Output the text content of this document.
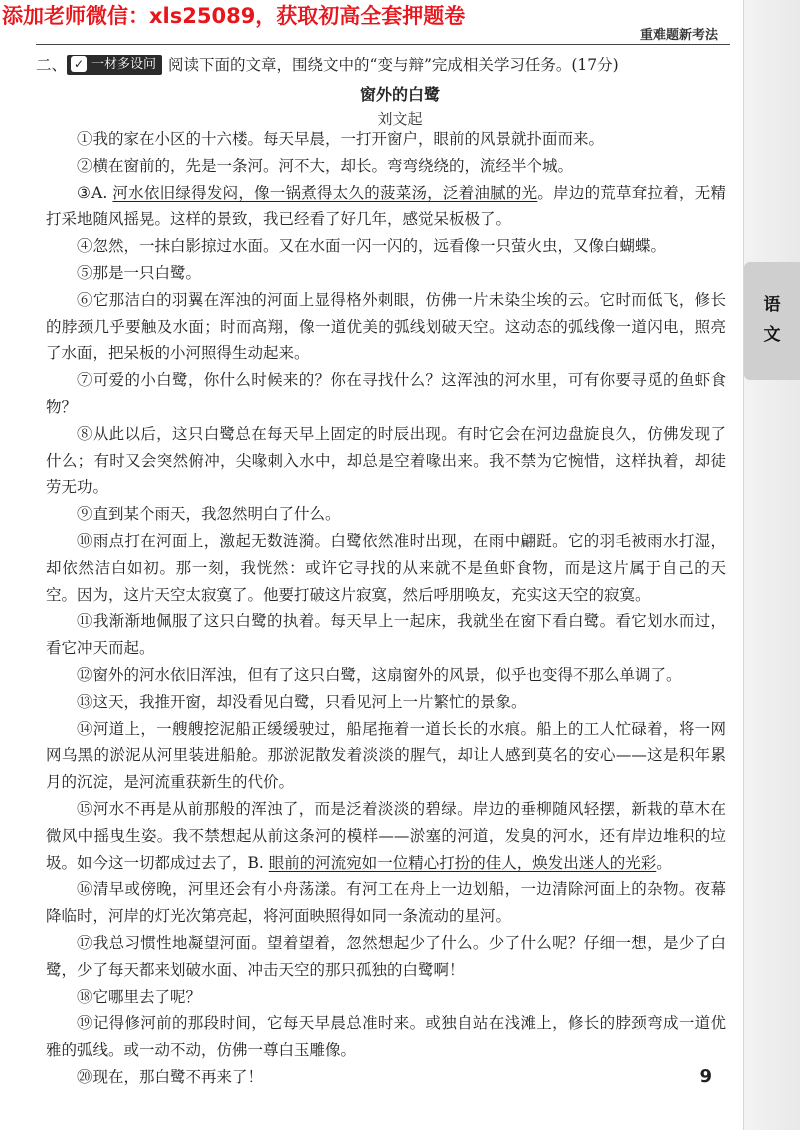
添加老师微信：xls25089，获取初高全套押题卷
重难题新考法
二、 ✓ 一材多设问 阅读下面的文章，围绕文中的“变与辩”完成相关学习任务。(17分)
窗外的白鹭
刘文起

①我的家在小区的十六楼。每天早晨，一打开窗户，眼前的风景就扑面而来。

②横在窗前的，先是一条河。河不大，却长。弯弯绕绕的，流经半个城。

③A. 河水依旧绿得发闷，像一锅煮得太久的菠菜汤，泛着油腻的光。岸边的荒草耷拉着，无精打采地随风摇晃。这样的景致，我已经看了好几年，感觉呆板极了。

④忽然，一抹白影掠过水面。又在水面一闪一闪的，远看像一只萤火虫，又像白蝴蝶。

⑤那是一只白鹭。

⑥它那洁白的羽翼在浑浊的河面上显得格外刺眼，仿佛一片未染尘埃的云。它时而低飞，修长的脖颈几乎要触及水面；时而高翔，像一道优美的弧线划破天空。这动态的弧线像一道闪电，照亮了水面，把呆板的小河照得生动起来。

⑦可爱的小白鹭，你什么时候来的？你在寻找什么？这浑浊的河水里，可有你要寻觅的鱼虾食物？

⑧从此以后，这只白鹭总在每天早上固定的时辰出现。有时它会在河边盘旋良久，仿佛发现了什么；有时又会突然俯冲，尖喙刺入水中，却总是空着喙出来。我不禁为它惋惜，这样执着，却徒劳无功。

⑨直到某个雨天，我忽然明白了什么。

⑩雨点打在河面上，激起无数涟漪。白鹭依然准时出现，在雨中翩跹。它的羽毛被雨水打湿，却依然洁白如初。那一刻，我恍然：或许它寻找的从来就不是鱼虾食物，而是这片属于自己的天空。因为，这片天空太寂寞了。他要打破这片寂寞，然后呼朋唤友，充实这天空的寂寞。

⑪我渐渐地佩服了这只白鹭的执着。每天早上一起床，我就坐在窗下看白鹭。看它划水而过，看它冲天而起。

⑫窗外的河水依旧浑浊，但有了这只白鹭，这扇窗外的风景，似乎也变得不那么单调了。

⑬这天，我推开窗，却没看见白鹭，只看见河上一片繁忙的景象。

⑭河道上，一艘艘挖泥船正缓缓驶过，船尾拖着一道长长的水痕。船上的工人忙碌着，将一网网乌黑的淤泥从河里装进船舱。那淤泥散发着淡淡的腥气，却让人感到莫名的安心——这是积年累月的沉淀，是河流重获新生的代价。

⑮河水不再是从前那般的浑浊了，而是泛着淡淡的碧绿。岸边的垂柳随风轻摆，新栽的草木在微风中摇曳生姿。我不禁想起从前这条河的模样——淤塞的河道，发臭的河水，还有岸边堆积的垃圾。如今这一切都成过去了，B. 眼前的河流宛如一位精心打扮的佳人，焕发出迷人的光彩。

⑯清早或傍晚，河里还会有小舟荡漾。有河工在舟上一边划船，一边清除河面上的杂物。夜幕降临时，河岸的灯光次第亮起，将河面映照得如同一条流动的星河。

⑰我总习惯性地凝望河面。望着望着，忽然想起少了什么。少了什么呢？仔细一想，是少了白鹭，少了每天都来划破水面、冲击天空的那只孤独的白鹭啊！

⑱它哪里去了呢？

⑲记得修河前的那段时间，它每天早晨总准时来。或独自站在浅滩上，修长的脖颈弯成一道优雅的弧线。或一动不动，仿佛一尊白玉雕像。

⑳现在，那白鹭不再来了！

语
文
9
